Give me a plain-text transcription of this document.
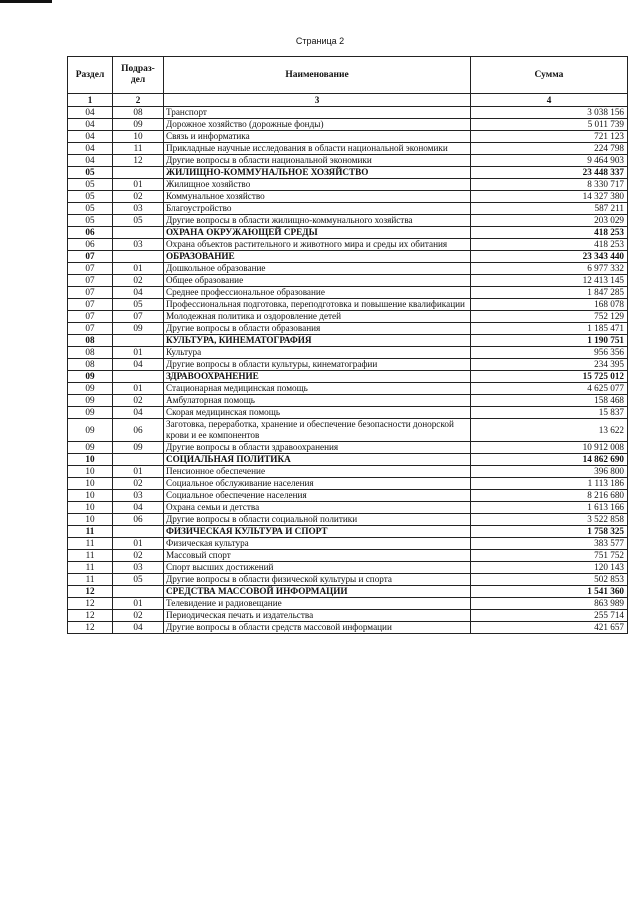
Страница 2
Раздел	Подраз-дел	Наименование	Сумма
1	2	3	4
04	08	Транспорт	3 038 156
04	09	Дорожное хозяйство (дорожные фонды)	5 011 739
04	10	Связь и информатика	721 123
04	11	Прикладные научные исследования в области национальной экономики	224 798
04	12	Другие вопросы в области национальной экономики	9 464 903
05		ЖИЛИЩНО-КОММУНАЛЬНОЕ ХОЗЯЙСТВО	23 448 337
05	01	Жилищное хозяйство	8 330 717
05	02	Коммунальное хозяйство	14 327 380
05	03	Благоустройство	587 211
05	05	Другие вопросы в области жилищно-коммунального хозяйства	203 029
06		ОХРАНА ОКРУЖАЮЩЕЙ СРЕДЫ	418 253
06	03	Охрана объектов растительного и животного мира и среды их обитания	418 253
07		ОБРАЗОВАНИЕ	23 343 440
07	01	Дошкольное образование	6 977 332
07	02	Общее образование	12 413 145
07	04	Среднее профессиональное образование	1 847 285
07	05	Профессиональная подготовка, переподготовка и повышение квалификации	168 078
07	07	Молодежная политика и оздоровление детей	752 129
07	09	Другие вопросы в области образования	1 185 471
08		КУЛЬТУРА, КИНЕМАТОГРАФИЯ	1 190 751
08	01	Культура	956 356
08	04	Другие вопросы в области культуры, кинематографии	234 395
09		ЗДРАВООХРАНЕНИЕ	15 725 012
09	01	Стационарная медицинская помощь	4 625 077
09	02	Амбулаторная помощь	158 468
09	04	Скорая медицинская помощь	15 837
09	06	Заготовка, переработка, хранение и обеспечение безопасности донорской крови и ее компонентов	13 622
09	09	Другие вопросы в области здравоохранения	10 912 008
10		СОЦИАЛЬНАЯ ПОЛИТИКА	14 862 690
10	01	Пенсионное обеспечение	396 800
10	02	Социальное обслуживание населения	1 113 186
10	03	Социальное обеспечение населения	8 216 680
10	04	Охрана семьи и детства	1 613 166
10	06	Другие вопросы в области социальной политики	3 522 858
11		ФИЗИЧЕСКАЯ КУЛЬТУРА И СПОРТ	1 758 325
11	01	Физическая культура	383 577
11	02	Массовый спорт	751 752
11	03	Спорт высших достижений	120 143
11	05	Другие вопросы в области физической культуры и спорта	502 853
12		СРЕДСТВА МАССОВОЙ ИНФОРМАЦИИ	1 541 360
12	01	Телевидение и радиовещание	863 989
12	02	Периодическая печать и издательства	255 714
12	04	Другие вопросы в области средств массовой информации	421 657
